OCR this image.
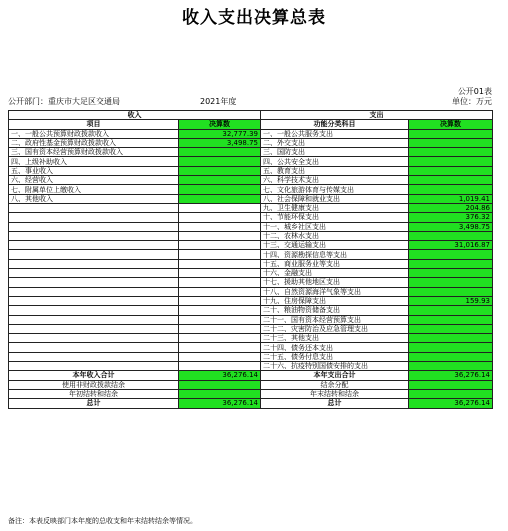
收入支出决算总表
公开01表
公开部门：重庆市大足区交通局	2021年度	单位：万元
收入		支出	
项目	决算数	功能分类科目	决算数
一、一般公共预算财政拨款收入	32,777.39	一、一般公共服务支出	
二、政府性基金预算财政拨款收入	3,498.75	二、外交支出	
三、国有资本经营预算财政拨款收入		三、国防支出	
四、上级补助收入		四、公共安全支出	
五、事业收入		五、教育支出	
六、经营收入		六、科学技术支出	
七、附属单位上缴收入		七、文化旅游体育与传媒支出	
八、其他收入		八、社会保障和就业支出	1,019.41
		九、卫生健康支出	204.86
		十、节能环保支出	376.32
		十一、城乡社区支出	3,498.75
		十二、农林水支出	
		十三、交通运输支出	31,016.87
		十四、资源勘探信息等支出	
		十五、商业服务业等支出	
		十六、金融支出	
		十七、援助其他地区支出	
		十八、自然资源海洋气象等支出	
		十九、住房保障支出	159.93
		二十、粮油物资储备支出	
		二十一、国有资本经营预算支出	
		二十二、灾害防治及应急管理支出	
		二十三、其他支出	
		二十四、债务还本支出	
		二十五、债务付息支出	
		二十六、抗疫特别国债安排的支出	
本年收入合计	36,276.14	本年支出合计	36,276.14
使用非财政拨款结余		结余分配	
年初结转和结余		年末结转和结余	
总计	36,276.14	总计	36,276.14
备注：本表反映部门本年度的总收支和年末结转结余等情况。
